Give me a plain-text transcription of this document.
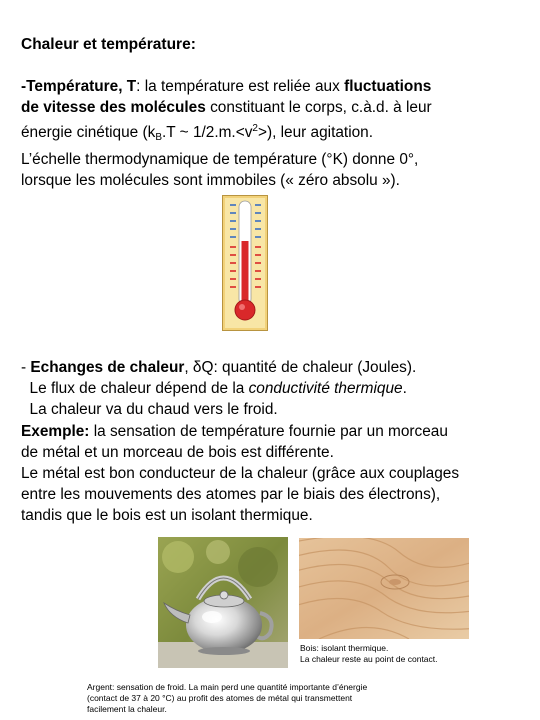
Chaleur et température:
-Température, T: la température est reliée aux fluctuations
de vitesse des molécules constituant le corps, c.à.d. à leur
énergie cinétique ($k_B.T$ ~ $1/2.m.<v^2>$), leur agitation.
L’échelle thermodynamique de température (°K) donne 0°,
lorsque les molécules sont immobiles (« zéro absolu »).
- Echanges de chaleur, δQ: quantité de chaleur (Joules).
Le flux de chaleur dépend de la conductivité thermique.
La chaleur va du chaud vers le froid.
Exemple: la sensation de température fournie par un morceau
de métal et un morceau de bois est différente.
Le métal est bon conducteur de la chaleur (grâce aux couplages
entre les mouvements des atomes par le biais des électrons),
tandis que le bois est un isolant thermique.
Bois: isolant thermique.
La chaleur reste au point de contact.
Argent: sensation de froid. La main perd une quantité importante d’énergie
(contact de 37 à 20 °C) au profit des atomes de métal qui transmettent
facilement la chaleur.
